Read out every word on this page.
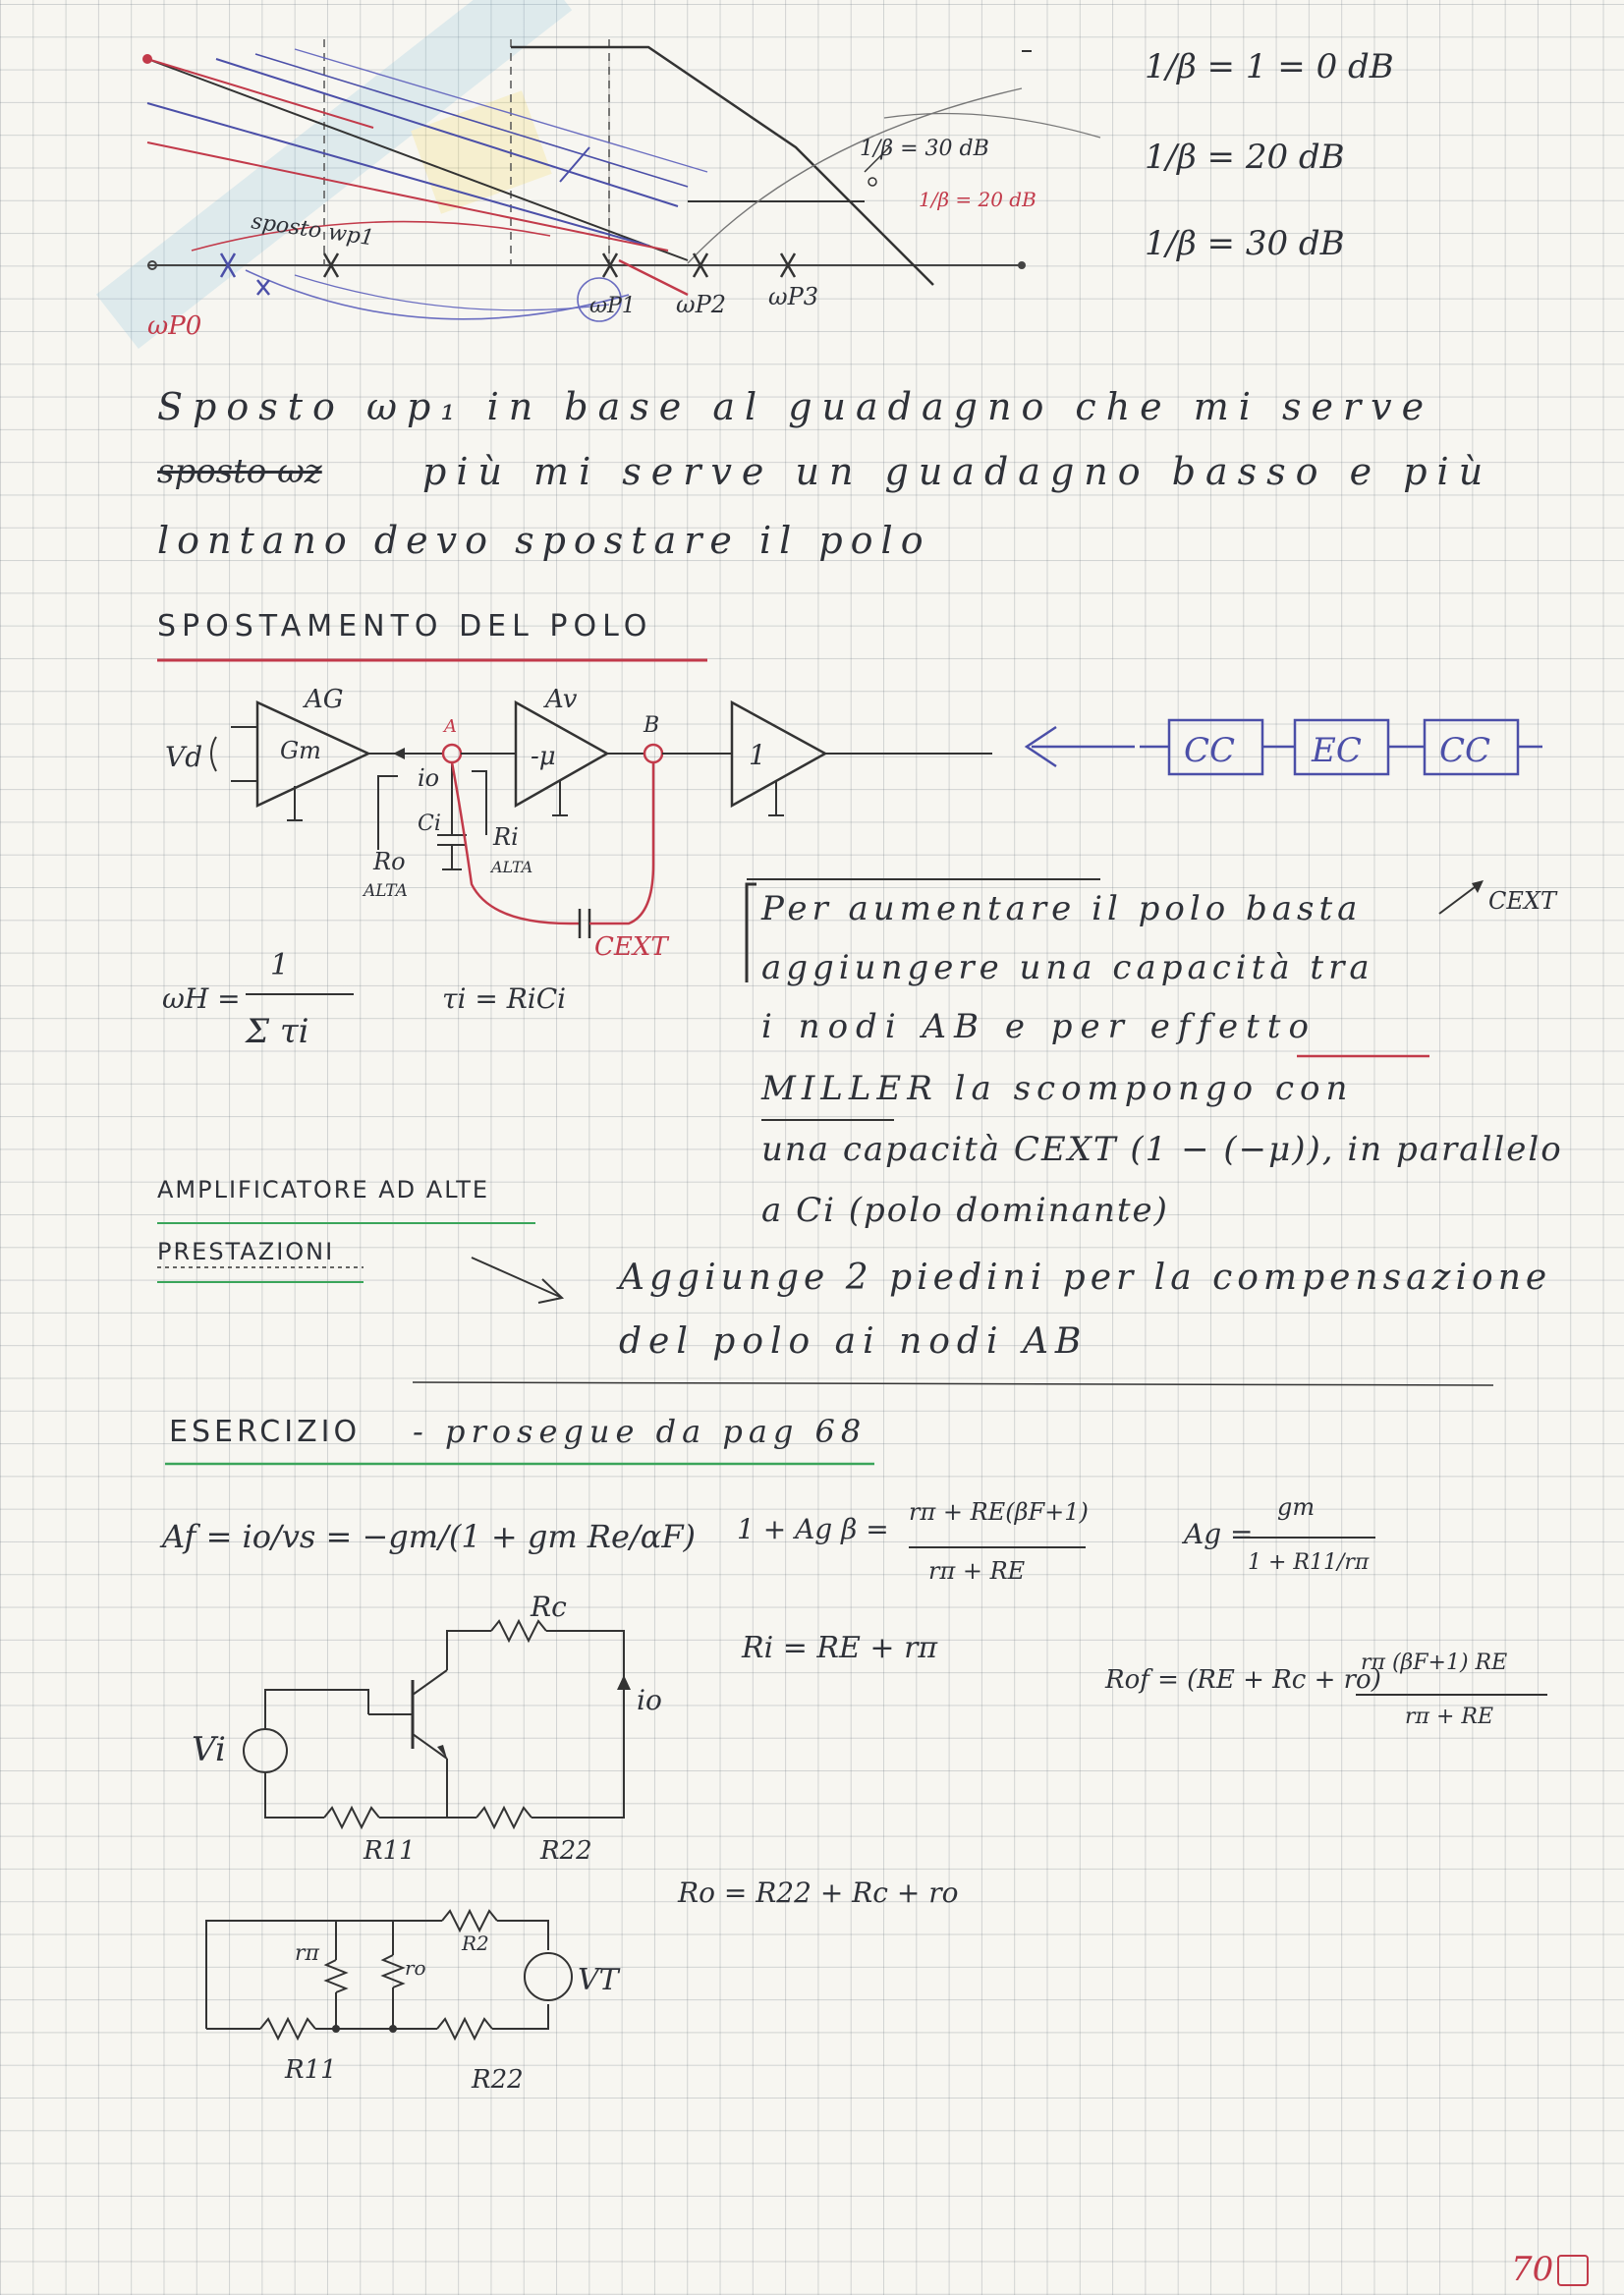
ωP0
ωP1 ωP2 ωP3
sposto wp1
1/β = 30 dB
1/β = 20 dB
1/β = 1 = 0 dB
1/β = 20 dB
1/β = 30 dB
Sposto ωp₁ in base al guadagno che mi serve
sposto ωz	più mi serve un guadagno basso e più
lontano devo spostare il polo
SPOSTAMENTO DEL POLO
AG
Gm
Av
-μ	1
Vd
A	B
io
Ci Ri
ALTA
Ro
ALTA
CEXT
CC EC CC
CEXT
ωH =
1
Σ τi
τi = RiCi
Per aumentare il polo basta
aggiungere una capacità tra
i nodi AB e per effetto
MILLER la scompongo con
una capacità CEXT (1 − (−μ)), in parallelo
a Ci (polo dominante)
AMPLIFICATORE AD ALTE
PRESTAZIONI
Aggiunge 2 piedini per la compensazione
del polo ai nodi AB
ESERCIZIO - prosegue da pag 68
Af = io/vs = −gm/(1 + gm Re/αF) 1 + Ag β =
rπ + RE(βF+1)
rπ + RE
Ag =
gm
1 + R11/rπ
Ri = RE + rπ
Rof = (RE + Rc + ro)
rπ (βF+1) RE
rπ + RE
Ro = R22 + Rc + ro
Rc
io
Vi
R11	R22
rπ
ro
R2
VT
R11	R22
70
